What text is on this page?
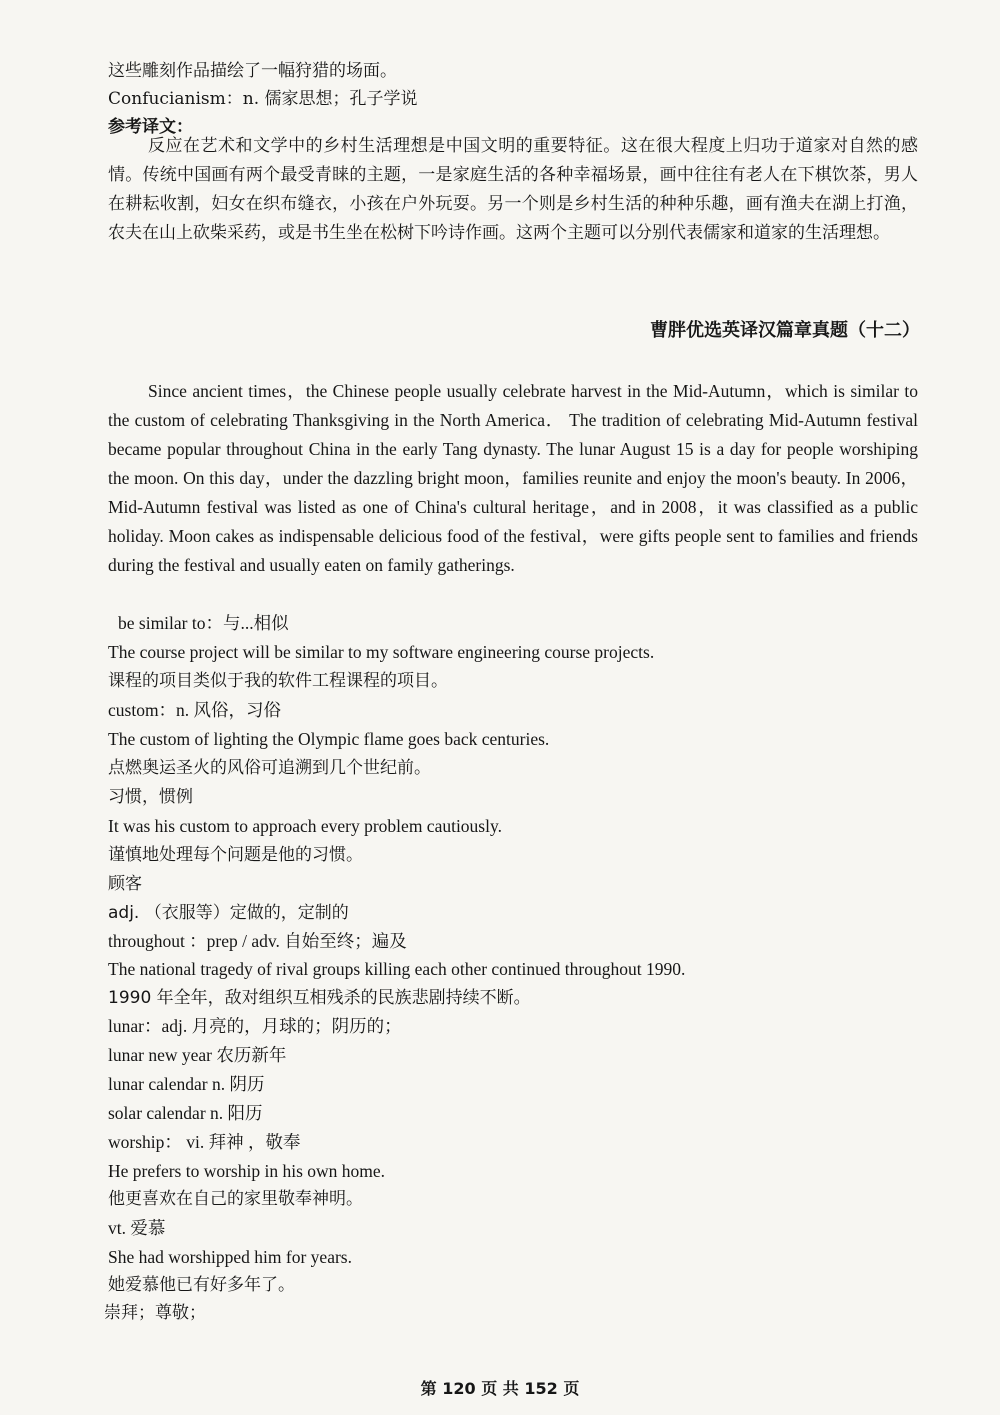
这些雕刻作品描绘了一幅狩猎的场面。
Confucianism：n. 儒家思想；孔子学说
参考译文：
反应在艺术和文学中的乡村生活理想是中国文明的重要特征。这在很大程度上归功于道家对自然的感情。传统中国画有两个最受青睐的主题，一是家庭生活的各种幸福场景，画中往往有老人在下棋饮茶，男人在耕耘收割，妇女在织布缝衣，小孩在户外玩耍。另一个则是乡村生活的种种乐趣，画有渔夫在湖上打渔，农夫在山上砍柴采药，或是书生坐在松树下吟诗作画。这两个主题可以分别代表儒家和道家的生活理想。
曹胖优选英译汉篇章真题（十二）
Since ancient times，the Chinese people usually celebrate harvest in the Mid-Autumn，which is similar to the custom of celebrating Thanksgiving in the North America． The tradition of celebrating Mid-Autumn festival became popular throughout China in the early Tang dynasty. The lunar August 15 is a day for people worshiping the moon. On this day，under the dazzling bright moon，families reunite and enjoy the moon's beauty. In 2006，Mid-Autumn festival was listed as one of China's cultural heritage，and in 2008，it was classified as a public holiday. Moon cakes as indispensable delicious food of the festival，were gifts people sent to families and friends during the festival and usually eaten on family gatherings.
be similar to：与...相似
The course project will be similar to my software engineering course projects.
课程的项目类似于我的软件工程课程的项目。
custom：n. 风俗，习俗
The custom of lighting the Olympic flame goes back centuries.
点燃奥运圣火的风俗可追溯到几个世纪前。
习惯，惯例
It was his custom to approach every problem cautiously.
谨慎地处理每个问题是他的习惯。
顾客
adj. （衣服等）定做的，定制的
throughout ：prep / adv. 自始至终；遍及
The national tragedy of rival groups killing each other continued throughout 1990.
1990 年全年，敌对组织互相残杀的民族悲剧持续不断。
lunar：adj. 月亮的，月球的；阴历的；
lunar new year 农历新年
lunar calendar n. 阴历
solar calendar n. 阳历
worship： vi. 拜神 ，敬奉
He prefers to worship in his own home.
他更喜欢在自己的家里敬奉神明。
vt. 爱慕
She had worshipped him for years.
她爱慕他已有好多年了。
崇拜；尊敬；
第 120 页 共 152 页
